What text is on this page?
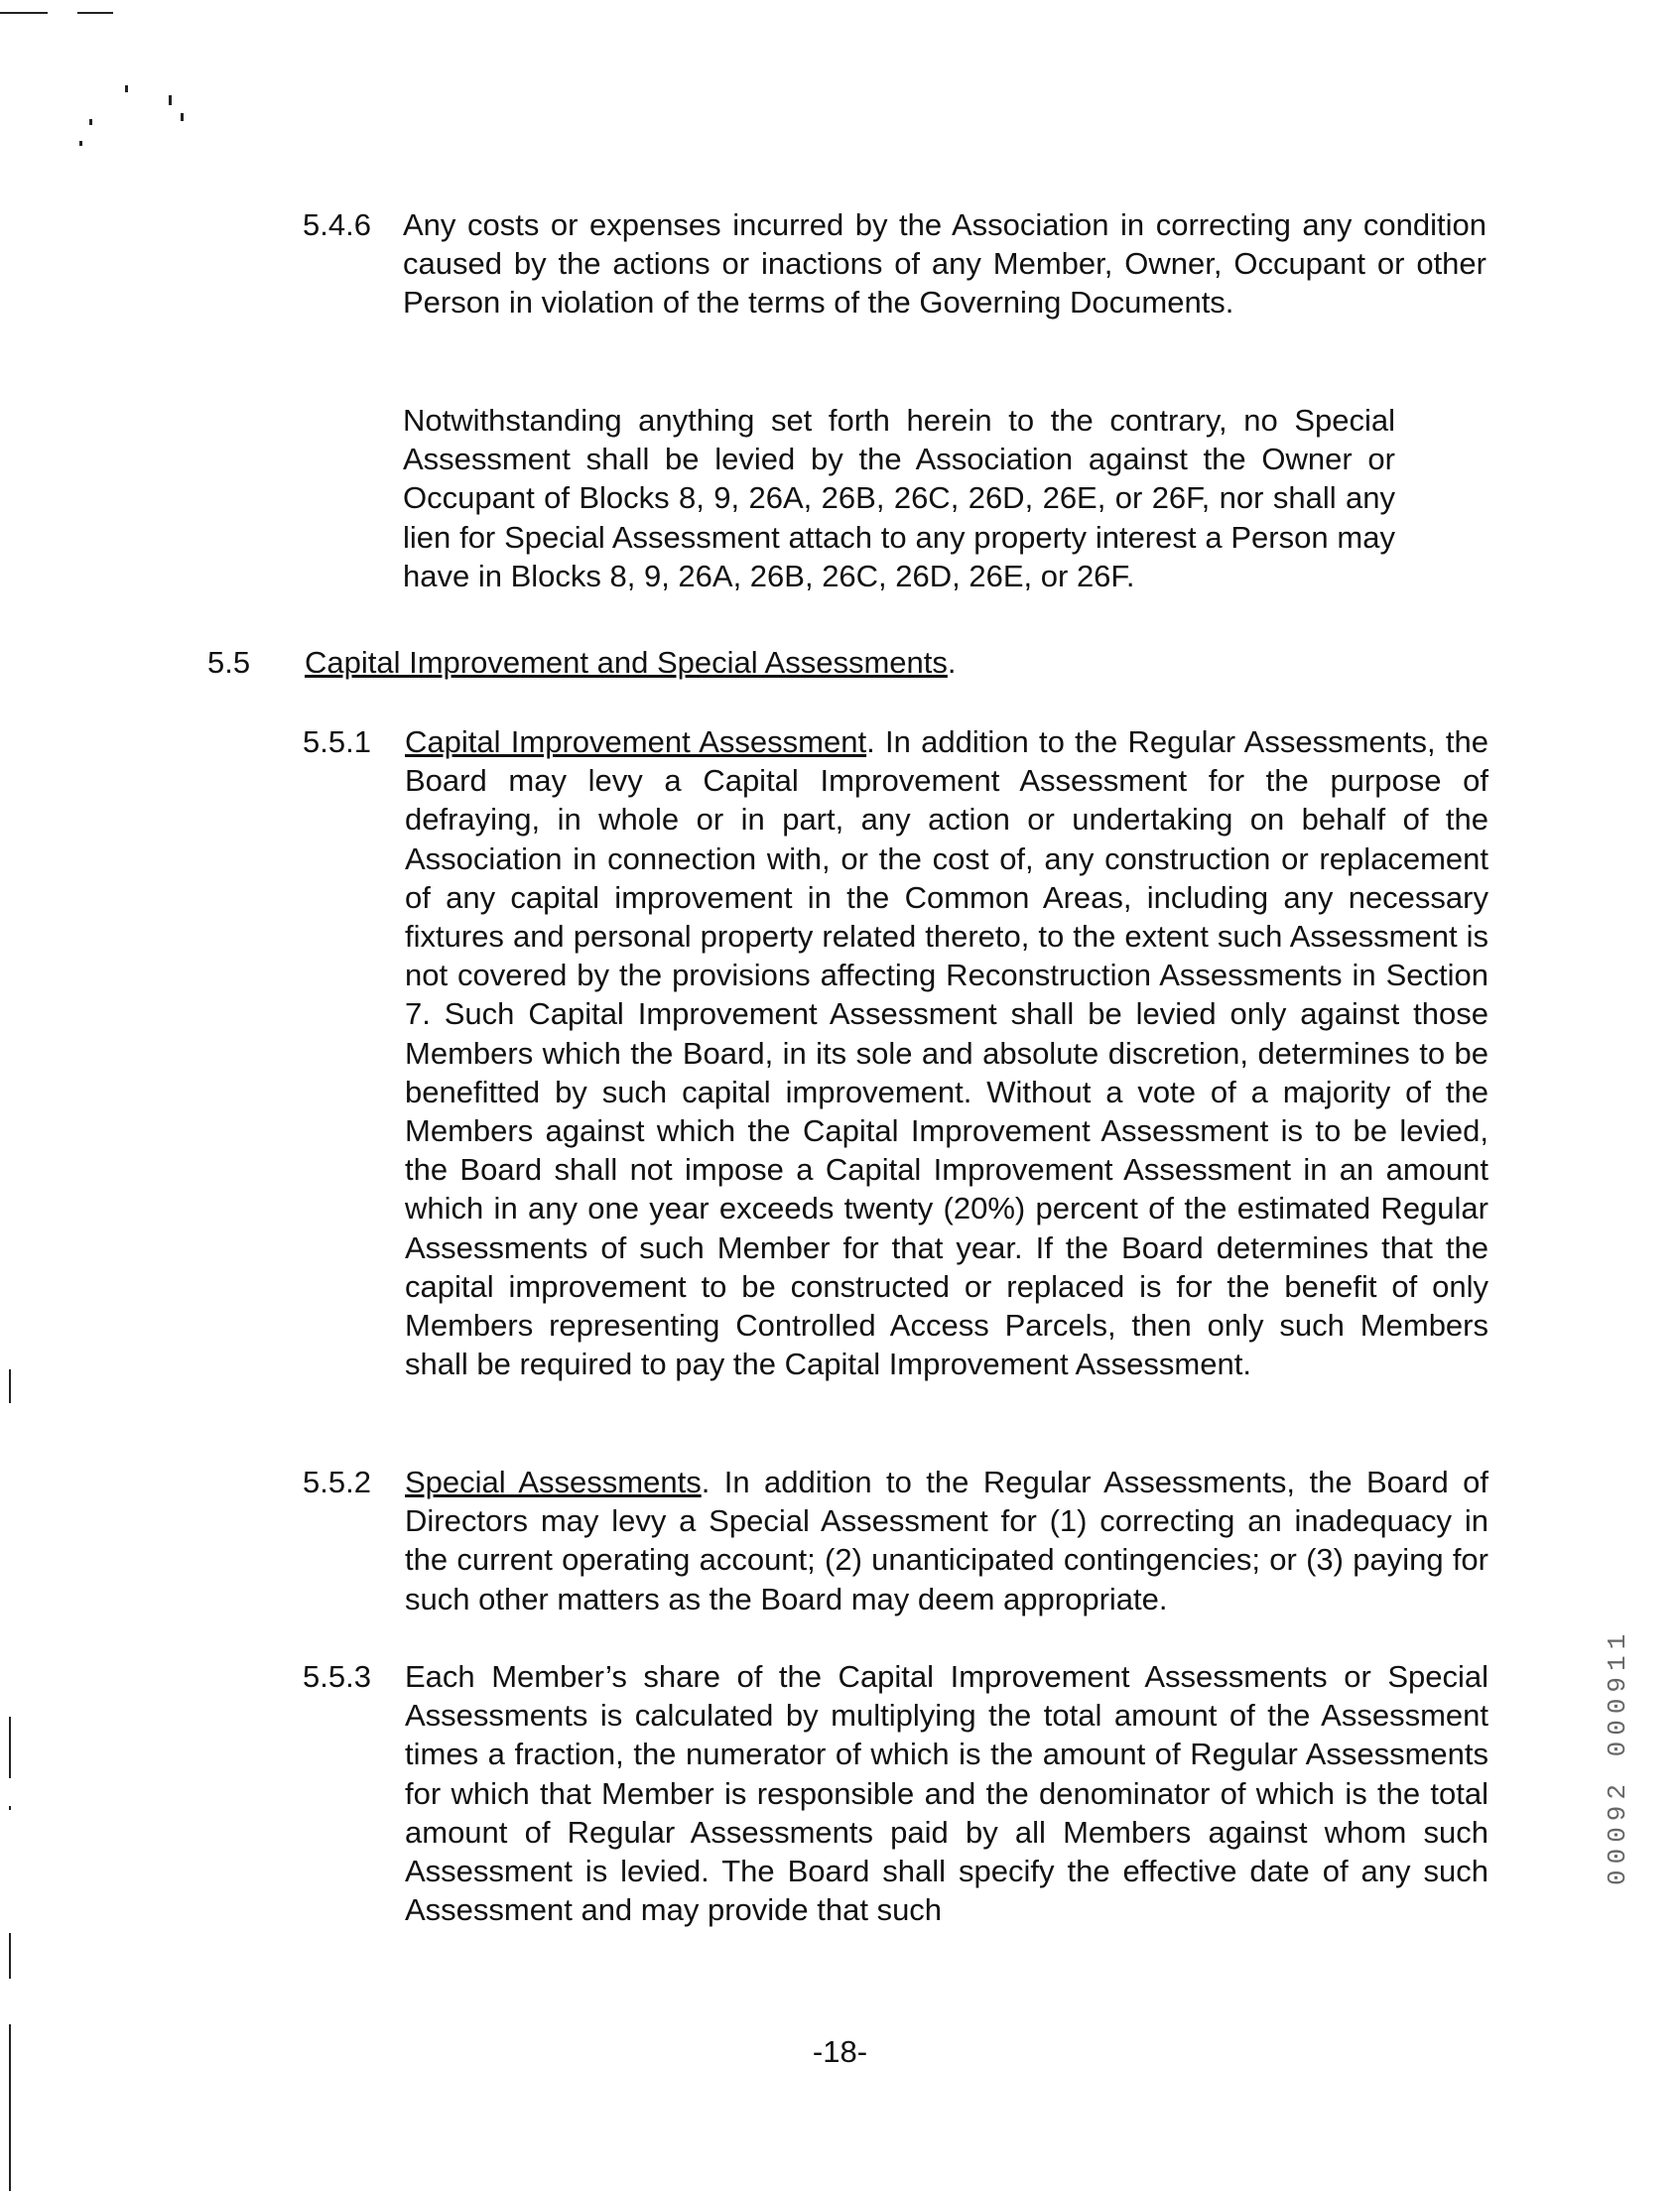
5.4.6 Any costs or expenses incurred by the Association in correcting any condition caused by the actions or inactions of any Member, Owner, Occupant or other Person in violation of the terms of the Governing Documents.
Notwithstanding anything set forth herein to the contrary, no Special Assessment shall be levied by the Association against the Owner or Occupant of Blocks 8, 9, 26A, 26B, 26C, 26D, 26E, or 26F, nor shall any lien for Special Assessment attach to any property interest a Person may have in Blocks 8, 9, 26A, 26B, 26C, 26D, 26E, or 26F.
5.5 Capital Improvement and Special Assessments.
5.5.1 Capital Improvement Assessment. In addition to the Regular Assessments, the Board may levy a Capital Improvement Assessment for the purpose of defraying, in whole or in part, any action or undertaking on behalf of the Association in connection with, or the cost of, any construction or replacement of any capital improvement in the Common Areas, including any necessary fixtures and personal property related thereto, to the extent such Assessment is not covered by the provisions affecting Reconstruction Assessments in Section 7. Such Capital Improvement Assessment shall be levied only against those Members which the Board, in its sole and absolute discretion, determines to be benefitted by such capital improvement. Without a vote of a majority of the Members against which the Capital Improvement Assessment is to be levied, the Board shall not impose a Capital Improvement Assessment in an amount which in any one year exceeds twenty (20%) percent of the estimated Regular Assessments of such Member for that year. If the Board determines that the capital improvement to be constructed or replaced is for the benefit of only Members representing Controlled Access Parcels, then only such Members shall be required to pay the Capital Improvement Assessment.
5.5.2 Special Assessments. In addition to the Regular Assessments, the Board of Directors may levy a Special Assessment for (1) correcting an inadequacy in the current operating account; (2) unanticipated contingencies; or (3) paying for such other matters as the Board may deem appropriate.
5.5.3 Each Member’s share of the Capital Improvement Assessments or Special Assessments is calculated by multiplying the total amount of the Assessment times a fraction, the numerator of which is the amount of Regular Assessments for which that Member is responsible and the denominator of which is the total amount of Regular Assessments paid by all Members against whom such Assessment is levied. The Board shall specify the effective date of any such Assessment and may provide that such
00092 000911
-18-
